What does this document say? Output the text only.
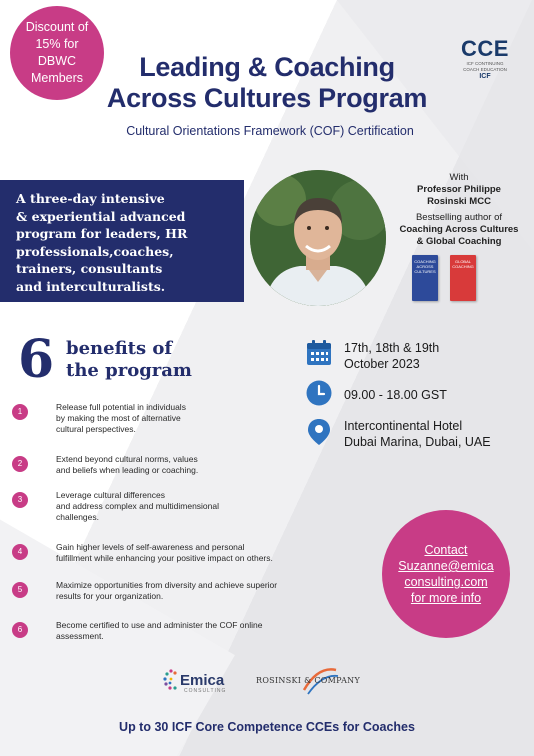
Discount of
15% for
DBWC
Members	Leading & Coaching
Across Cultures Program
Cultural Orientations Framework (COF) Certification
CCE
ICF CONTINUING
COACH EDUCATION
ICF
A three-day intensive
& experiential advanced
program for leaders, HR
professionals,coaches,
trainers, consultants
and interculturalists.
With
Professor Philippe
Rosinski MCC
Bestselling author of
Coaching Across Cultures
& Global Coaching
COACHING ACROSS CULTURES
GLOBAL COACHING
6 benefits of
the program
1	Release full potential in individuals
by making the most of alternative
cultural perspectives.
2	Extend beyond cultural norms, values
and beliefs when leading or coaching.
3	Leverage cultural differences
and address complex and multidimensional
challenges.
4	Gain higher levels of self-awareness and personal
fulfillment while enhancing your positive impact on others.
5	Maximize opportunities from diversity and achieve superior
results for your organization.
6	Become certified to use and administer the COF online
assessment.
17th, 18th & 19th
October 2023
09.00 - 18.00 GST
Intercontinental Hotel
Dubai Marina, Dubai, UAE
Contact
Suzanne@emica
consulting.com
for more info
Emica
CONSULTING
ROSINSKI & COMPANY
Up to 30 ICF Core Competence CCEs for Coaches
